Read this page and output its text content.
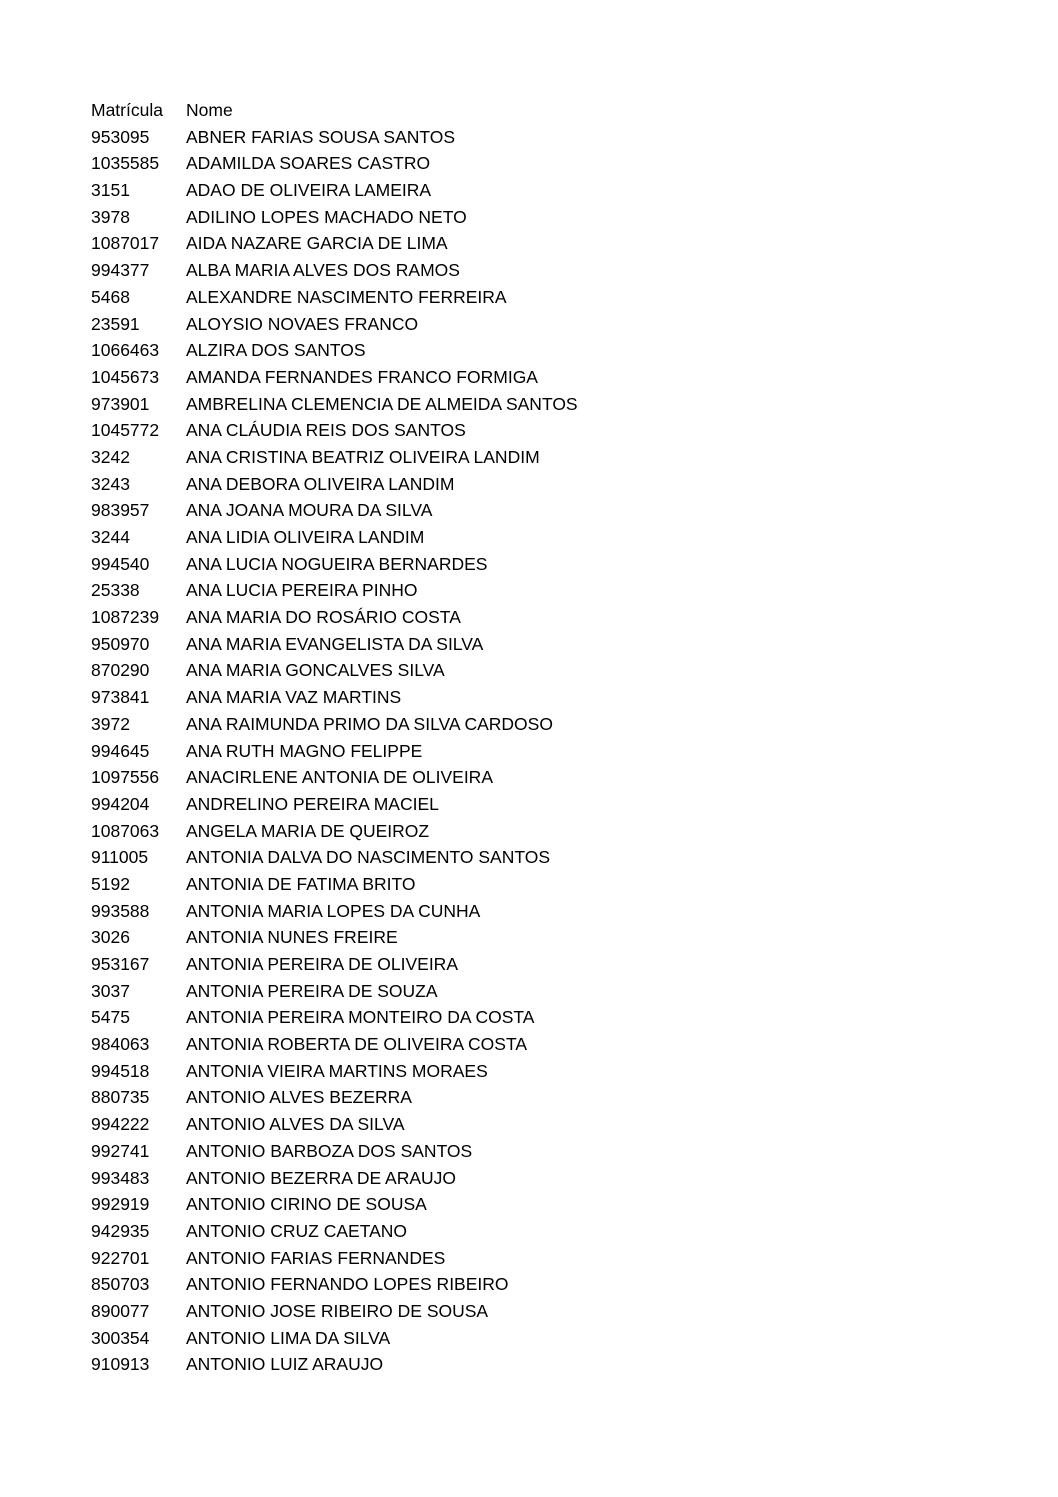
Matrícula	Nome
953095	ABNER FARIAS SOUSA SANTOS
1035585	ADAMILDA SOARES CASTRO
3151	ADAO DE OLIVEIRA LAMEIRA
3978	ADILINO LOPES MACHADO NETO
1087017	AIDA NAZARE GARCIA DE LIMA
994377	ALBA MARIA ALVES DOS RAMOS
5468	ALEXANDRE NASCIMENTO FERREIRA
23591	ALOYSIO NOVAES FRANCO
1066463	ALZIRA DOS SANTOS
1045673	AMANDA FERNANDES FRANCO FORMIGA
973901	AMBRELINA CLEMENCIA DE ALMEIDA SANTOS
1045772	ANA CLÁUDIA REIS DOS SANTOS
3242	ANA CRISTINA BEATRIZ OLIVEIRA LANDIM
3243	ANA DEBORA OLIVEIRA LANDIM
983957	ANA JOANA MOURA DA SILVA
3244	ANA LIDIA OLIVEIRA LANDIM
994540	ANA LUCIA NOGUEIRA BERNARDES
25338	ANA LUCIA PEREIRA PINHO
1087239	ANA MARIA DO ROSÁRIO COSTA
950970	ANA MARIA EVANGELISTA DA SILVA
870290	ANA MARIA GONCALVES SILVA
973841	ANA MARIA VAZ MARTINS
3972	ANA RAIMUNDA PRIMO DA SILVA CARDOSO
994645	ANA RUTH MAGNO FELIPPE
1097556	ANACIRLENE ANTONIA DE OLIVEIRA
994204	ANDRELINO PEREIRA MACIEL
1087063	ANGELA MARIA DE QUEIROZ
911005	ANTONIA DALVA DO NASCIMENTO SANTOS
5192	ANTONIA DE FATIMA BRITO
993588	ANTONIA MARIA LOPES DA CUNHA
3026	ANTONIA NUNES FREIRE
953167	ANTONIA PEREIRA DE OLIVEIRA
3037	ANTONIA PEREIRA DE SOUZA
5475	ANTONIA PEREIRA MONTEIRO DA COSTA
984063	ANTONIA ROBERTA DE OLIVEIRA COSTA
994518	ANTONIA VIEIRA MARTINS MORAES
880735	ANTONIO ALVES BEZERRA
994222	ANTONIO ALVES DA SILVA
992741	ANTONIO BARBOZA DOS SANTOS
993483	ANTONIO BEZERRA DE ARAUJO
992919	ANTONIO CIRINO DE SOUSA
942935	ANTONIO CRUZ CAETANO
922701	ANTONIO FARIAS FERNANDES
850703	ANTONIO FERNANDO LOPES RIBEIRO
890077	ANTONIO JOSE RIBEIRO DE SOUSA
300354	ANTONIO LIMA DA SILVA
910913	ANTONIO LUIZ ARAUJO
